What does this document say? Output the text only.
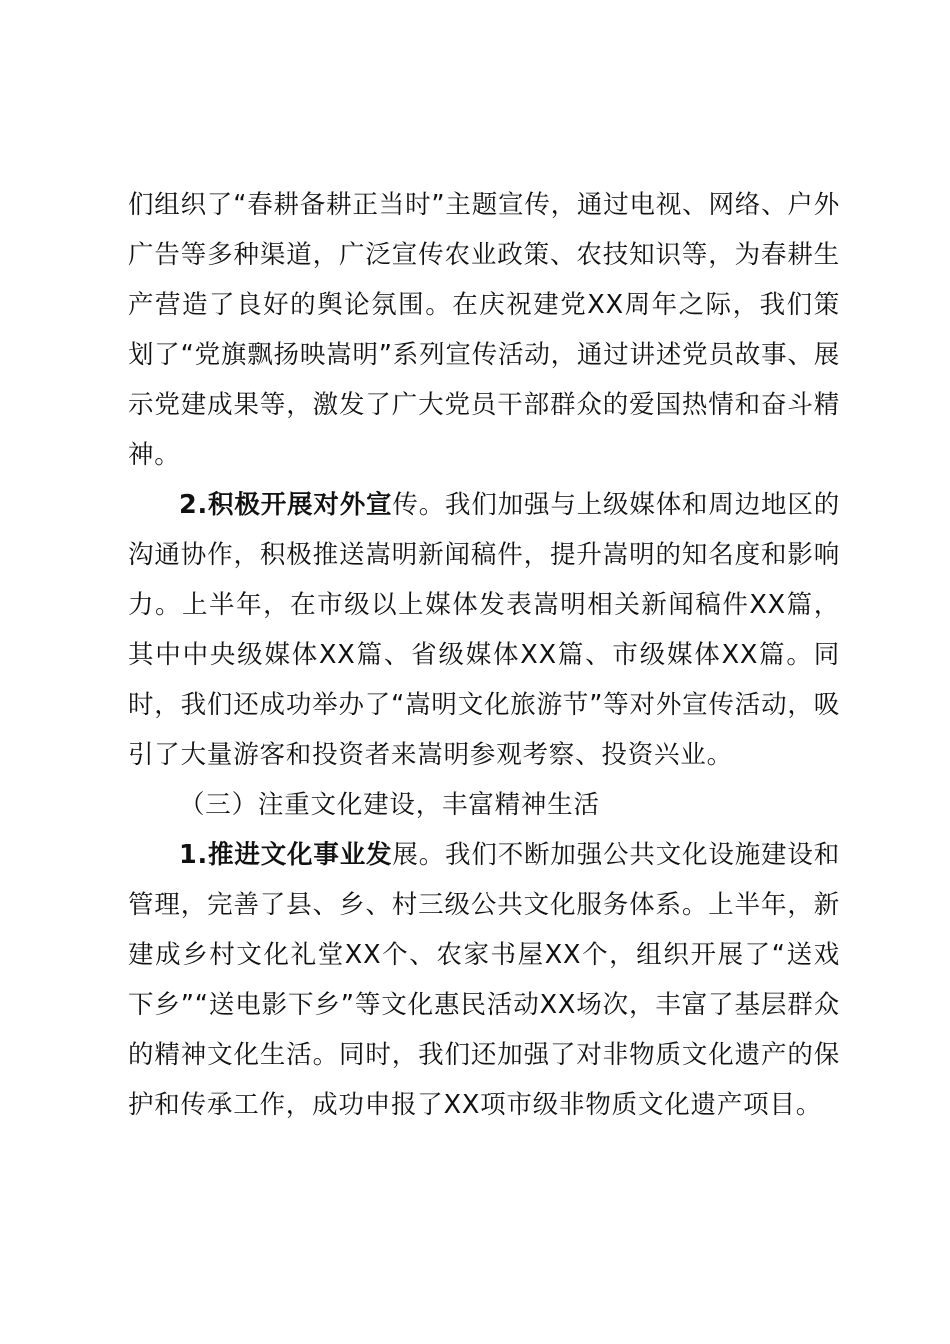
们组织了“春耕备耕正当时”主题宣传，通过电视、网络、户外广告等多种渠道，广泛宣传农业政策、农技知识等，为春耕生产营造了良好的舆论氛围。在庆祝建党XX周年之际，我们策划了“党旗飘扬映嵩明”系列宣传活动，通过讲述党员故事、展示党建成果等，激发了广大党员干部群众的爱国热情和奋斗精神。

2.积极开展对外宣传。我们加强与上级媒体和周边地区的沟通协作，积极推送嵩明新闻稿件，提升嵩明的知名度和影响力。上半年，在市级以上媒体发表嵩明相关新闻稿件XX篇，其中中央级媒体XX篇、省级媒体XX篇、市级媒体XX篇。同时，我们还成功举办了“嵩明文化旅游节”等对外宣传活动，吸引了大量游客和投资者来嵩明参观考察、投资兴业。

（三）注重文化建设，丰富精神生活

1.推进文化事业发展。我们不断加强公共文化设施建设和管理，完善了县、乡、村三级公共文化服务体系。上半年，新建成乡村文化礼堂XX个、农家书屋XX个，组织开展了“送戏下乡”“送电影下乡”等文化惠民活动XX场次，丰富了基层群众的精神文化生活。同时，我们还加强了对非物质文化遗产的保护和传承工作，成功申报了XX项市级非物质文化遗产项目。
